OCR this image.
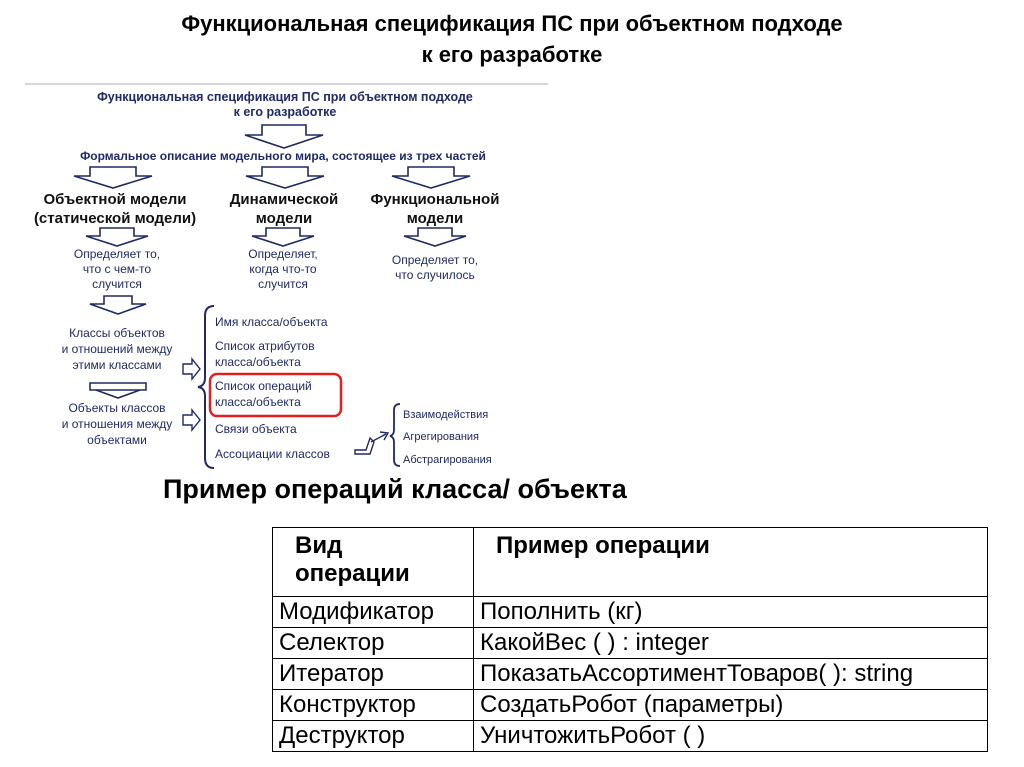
Функциональная спецификация ПС при объектном подходе
к его разработке
Функциональная спецификация ПС при объектном подходе
к его разработке
Формальное описание модельного мира, состоящее из трех частей
Объектной модели
(статической модели)
Динамической
модели
Функциональной
модели
Определяет то,
что с чем-то
случится
Определяет,
когда что-то
случится
Определяет то,
что случилось
Классы объектов
и отношений между
этими классами
Объекты классов
и отношения между
объектами
Имя класса/объекта
Список атрибутов
класса/объекта
Список операций
класса/объекта
Связи объекта
Ассоциации классов
Взаимодействия
Агрегирования
Абстрагирования
Пример операций класса/ объекта
Вид
операции	Пример операции
Модификатор	Пополнить (кг)
Селектор	КакойВес ( ) : integer
Итератор	ПоказатьАссортиментТоваров( ): string
Конструктор	СоздатьРобот (параметры)
Деструктор	УничтожитьРобот ( )
